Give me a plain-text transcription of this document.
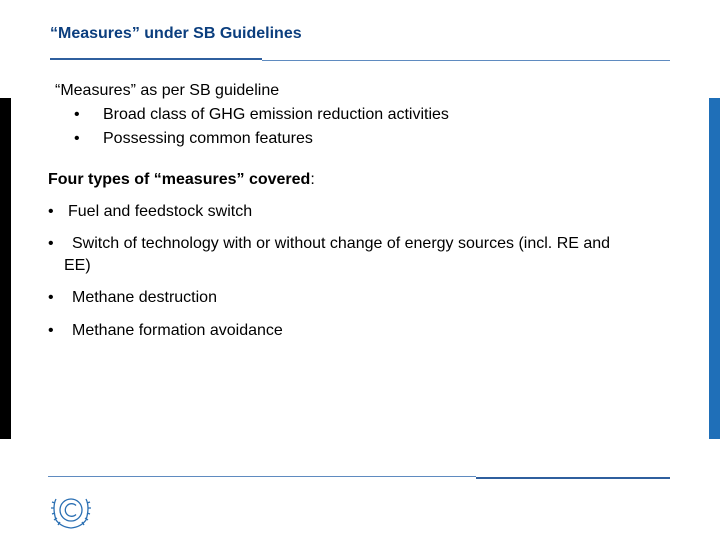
“Measures” under SB Guidelines
“Measures” as per SB guideline
• Broad class of GHG emission reduction activities
• Possessing common features
Four types of “measures” covered:
• Fuel and feedstock switch
• Switch of technology with or without change of energy sources (incl. RE and
EE)
• Methane destruction
• Methane formation avoidance
